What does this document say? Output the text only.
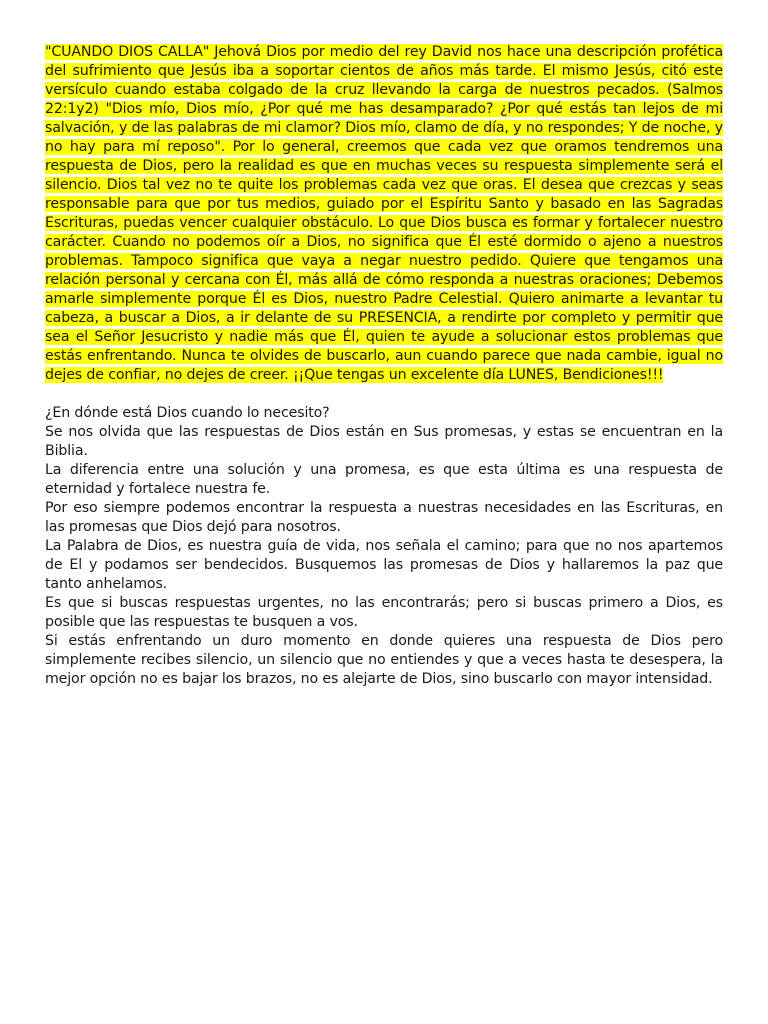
"CUANDO DIOS CALLA" Jehová Dios por medio del rey David nos hace una descripción profética del sufrimiento que Jesús iba a soportar cientos de años más tarde. El mismo Jesús, citó este versículo cuando estaba colgado de la cruz llevando la carga de nuestros pecados. (Salmos 22:1y2) "Dios mío, Dios mío, ¿Por qué me has desamparado? ¿Por qué estás tan lejos de mi salvación, y de las palabras de mi clamor? Dios mío, clamo de día, y no respondes; Y de noche, y no hay para mí reposo". Por lo general, creemos que cada vez que oramos tendremos una respuesta de Dios, pero la realidad es que en muchas veces su respuesta simplemente será el silencio. Dios tal vez no te quite los problemas cada vez que oras. El desea que crezcas y seas responsable para que por tus medios, guiado por el Espíritu Santo y basado en las Sagradas Escrituras, puedas vencer cualquier obstáculo. Lo que Dios busca es formar y fortalecer nuestro carácter. Cuando no podemos oír a Dios, no significa que Él esté dormido o ajeno a nuestros problemas. Tampoco significa que vaya a negar nuestro pedido. Quiere que tengamos una relación personal y cercana con Él, más allá de cómo responda a nuestras oraciones; Debemos amarle simplemente porque Él es Dios, nuestro Padre Celestial. Quiero animarte a levantar tu cabeza, a buscar a Dios, a ir delante de su PRESENCIA, a rendirte por completo y permitir que sea el Señor Jesucristo y nadie más que Él, quien te ayude a solucionar estos problemas que estás enfrentando. Nunca te olvides de buscarlo, aun cuando parece que nada cambie, igual no dejes de confiar, no dejes de creer. ¡¡Que tengas un excelente día LUNES, Bendiciones!!!

¿En dónde está Dios cuando lo necesito?

Se nos olvida que las respuestas de Dios están en Sus promesas, y estas se encuentran en la Biblia.

La diferencia entre una solución y una promesa, es que esta última es una respuesta de eternidad y fortalece nuestra fe.

Por eso siempre podemos encontrar la respuesta a nuestras necesidades en las Escrituras, en las promesas que Dios dejó para nosotros.

La Palabra de Dios, es nuestra guía de vida, nos señala el camino; para que no nos apartemos de El y podamos ser bendecidos. Busquemos las promesas de Dios y hallaremos la paz que tanto anhelamos.

Es que si buscas respuestas urgentes, no las encontrarás; pero si buscas primero a Dios, es posible que las respuestas te busquen a vos.

Si estás enfrentando un duro momento en donde quieres una respuesta de Dios pero simplemente recibes silencio, un silencio que no entiendes y que a veces hasta te desespera, la mejor opción no es bajar los brazos, no es alejarte de Dios, sino buscarlo con mayor intensidad.
